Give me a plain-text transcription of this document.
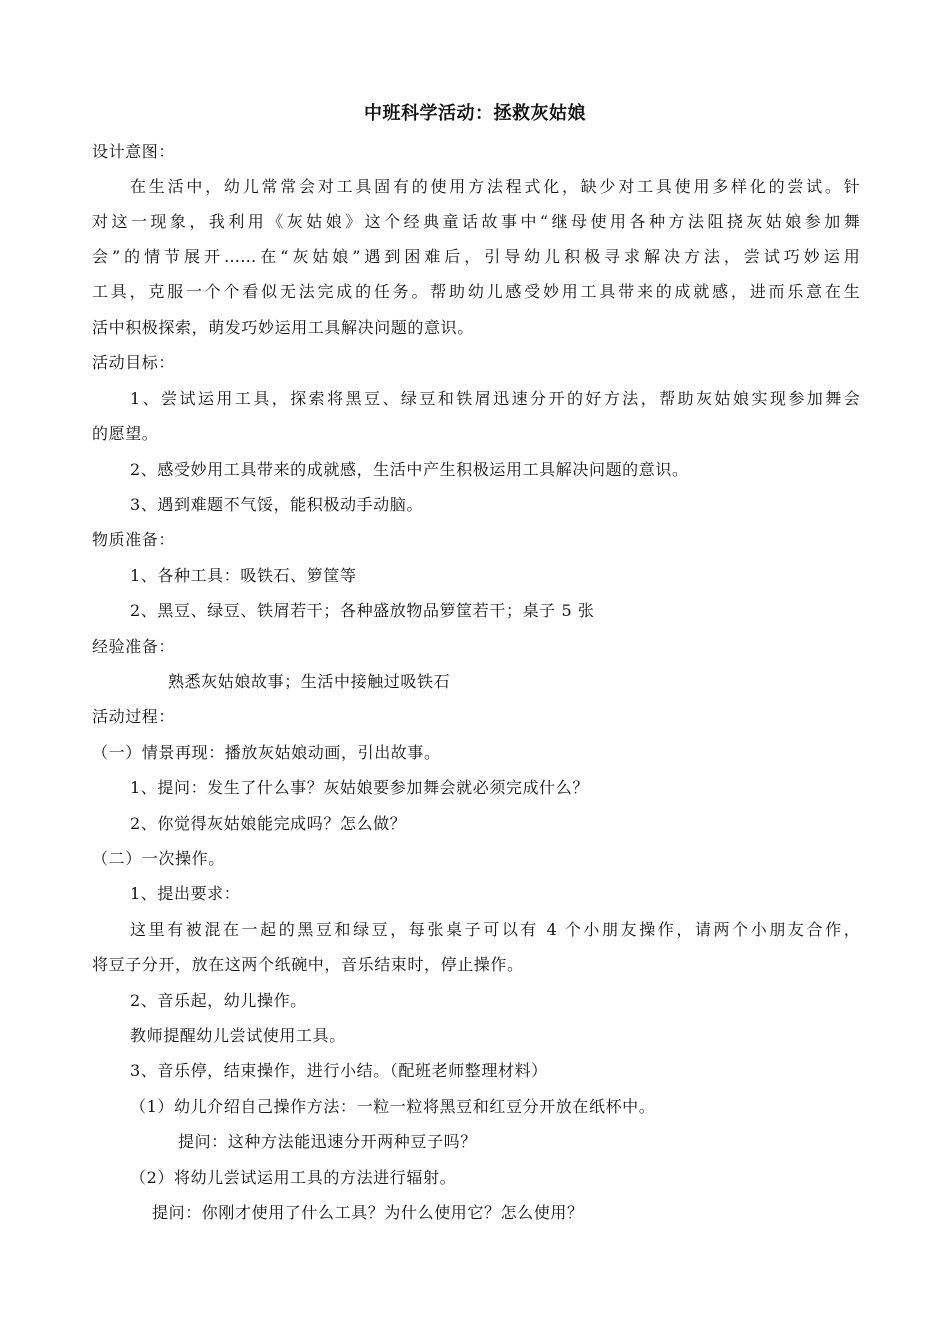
中班科学活动：拯救灰姑娘
设计意图：
在生活中，幼儿常常会对工具固有的使用方法程式化，缺少对工具使用多样化的尝试。针
对这一现象，我利用《灰姑娘》这个经典童话故事中“继母使用各种方法阻挠灰姑娘参加舞
会”的情节展开……在“灰姑娘”遇到困难后，引导幼儿积极寻求解决方法，尝试巧妙运用
工具，克服一个个看似无法完成的任务。帮助幼儿感受妙用工具带来的成就感，进而乐意在生
活中积极探索，萌发巧妙运用工具解决问题的意识。
活动目标：
1、尝试运用工具，探索将黑豆、绿豆和铁屑迅速分开的好方法，帮助灰姑娘实现参加舞会
的愿望。
2、感受妙用工具带来的成就感，生活中产生积极运用工具解决问题的意识。
3、遇到难题不气馁，能积极动手动脑。
物质准备：
1、各种工具：吸铁石、箩筐等
2、黑豆、绿豆、铁屑若干；各种盛放物品箩筐若干；桌子 5 张
经验准备：
熟悉灰姑娘故事；生活中接触过吸铁石
活动过程：
（一）情景再现：播放灰姑娘动画，引出故事。
1、提问：发生了什么事？灰姑娘要参加舞会就必须完成什么？
2、你觉得灰姑娘能完成吗？怎么做？
（二）一次操作。
1、提出要求：
这里有被混在一起的黑豆和绿豆，每张桌子可以有 4 个小朋友操作，请两个小朋友合作，
将豆子分开，放在这两个纸碗中，音乐结束时，停止操作。
2、音乐起，幼儿操作。
教师提醒幼儿尝试使用工具。
3、音乐停，结束操作，进行小结。（配班老师整理材料）
（1）幼儿介绍自己操作方法：一粒一粒将黑豆和红豆分开放在纸杯中。
提问：这种方法能迅速分开两种豆子吗？
（2）将幼儿尝试运用工具的方法进行辐射。
提问：你刚才使用了什么工具？为什么使用它？怎么使用？
